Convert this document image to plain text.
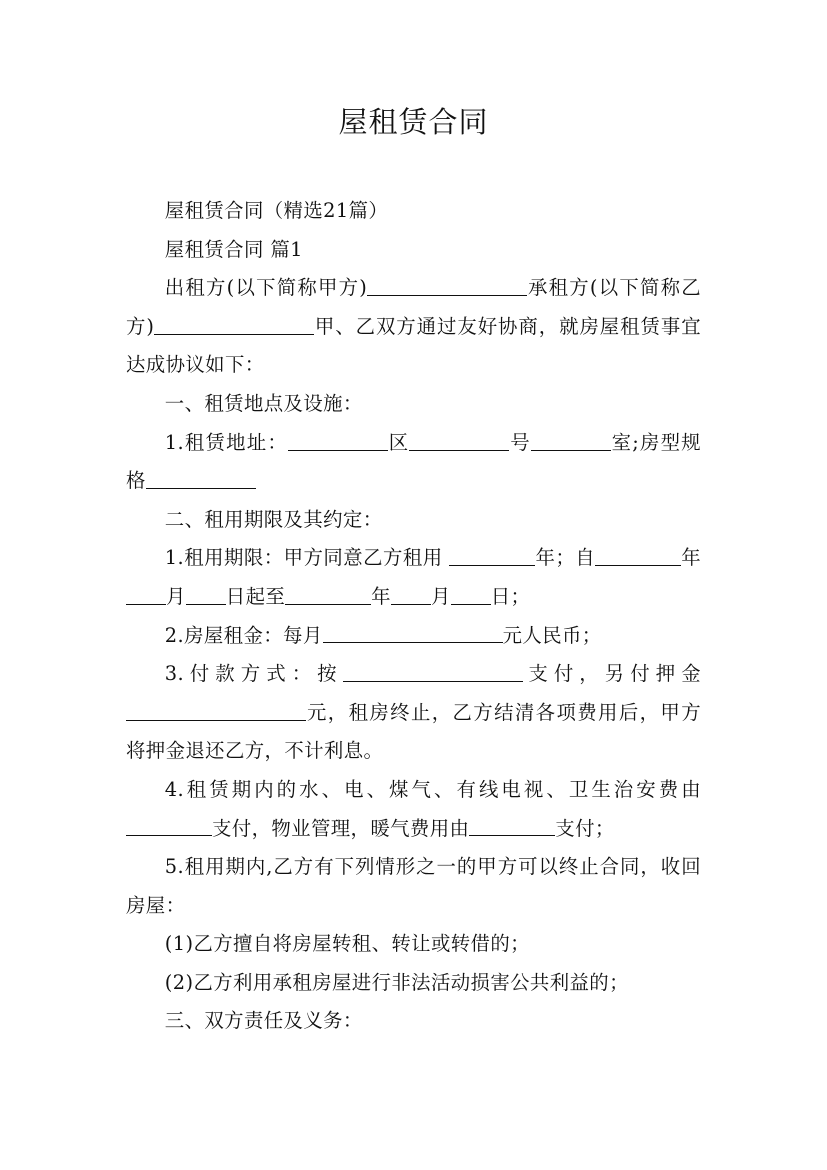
屋租赁合同

屋租赁合同（精选21篇）

屋租赁合同 篇1

出租方(以下简称甲方)	承租方(以下简称乙方)	甲、乙双方通过友好协商，就房屋租赁事宜达成协议如下：

一、租赁地点及设施：

1.租赁地址：	区	号	室;房型规格

二、租用期限及其约定：

1.租用期限：甲方同意乙方租用	年；自	年月 日起至	年 月 日；

2.房屋租金：每月	元人民币；

3.付款方式：按	支付，另付押金元，租房终止，乙方结清各项费用后，甲方将押金退还乙方，不计利息。

4.租赁期内的水、电、煤气、有线电视、卫生治安费由支付，物业管理，暖气费用由	支付；

5.租用期内,乙方有下列情形之一的甲方可以终止合同，收回房屋：

(1)乙方擅自将房屋转租、转让或转借的；

(2)乙方利用承租房屋进行非法活动损害公共利益的；

三、双方责任及义务：
